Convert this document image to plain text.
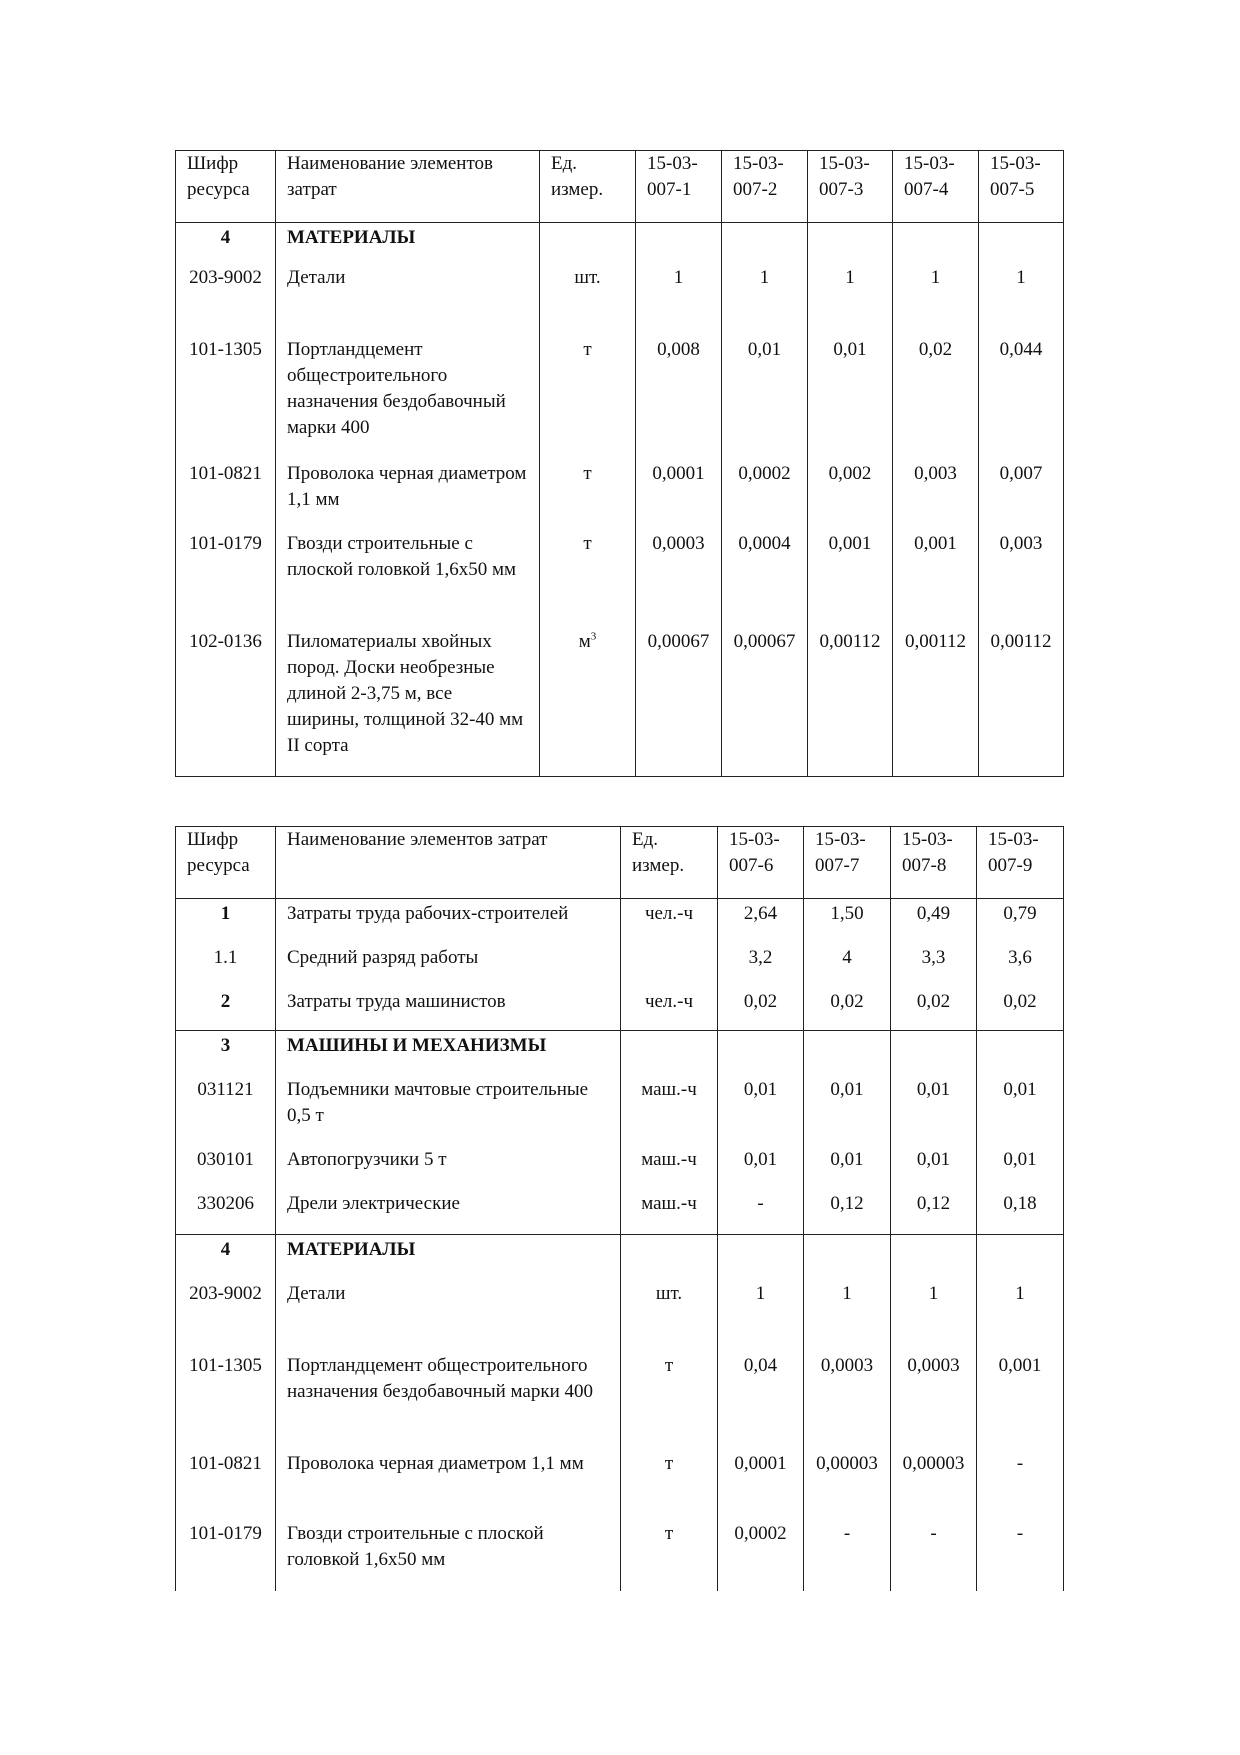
Шифр ресурса	Наименование элементов затрат	Ед. измер.	15-03-007-1	15-03-007-2	15-03-007-3	15-03-007-4	15-03-007-5
4	МАТЕРИАЛЫ						
203-9002	Детали	шт.	1	1	1	1	1
101-1305	Портландцемент общестроительного назначения бездобавочный марки 400	т	0,008	0,01	0,01	0,02	0,044
101-0821	Проволока черная диаметром 1,1 мм	т	0,0001	0,0002	0,002	0,003	0,007
101-0179	Гвозди строительные с плоской головкой 1,6x50 мм	т	0,0003	0,0004	0,001	0,001	0,003
102-0136	Пиломатериалы хвойных пород. Доски необрезные длиной 2-3,75 м, все ширины, толщиной 32-40 мм II сорта	$м^3$	0,00067	0,00067	0,00112	0,00112	0,00112
Шифр ресурса	Наименование элементов затрат	Ед. измер.	15-03-007-6	15-03-007-7	15-03-007-8	15-03-007-9
1	Затраты труда рабочих-строителей	чел.-ч	2,64	1,50	0,49	0,79
1.1	Средний разряд работы		3,2	4	3,3	3,6
2	Затраты труда машинистов	чел.-ч	0,02	0,02	0,02	0,02
3	МАШИНЫ И МЕХАНИЗМЫ					
031121	Подъемники мачтовые строительные 0,5 т	маш.-ч	0,01	0,01	0,01	0,01
030101	Автопогрузчики 5 т	маш.-ч	0,01	0,01	0,01	0,01
330206	Дрели электрические	маш.-ч	-	0,12	0,12	0,18
4	МАТЕРИАЛЫ					
203-9002	Детали	шт.	1	1	1	1
101-1305	Портландцемент общестроительного назначения бездобавочный марки 400	т	0,04	0,0003	0,0003	0,001
101-0821	Проволока черная диаметром 1,1 мм	т	0,0001	0,00003	0,00003	-
101-0179	Гвозди строительные с плоской головкой 1,6x50 мм	т	0,0002	-	-	-
